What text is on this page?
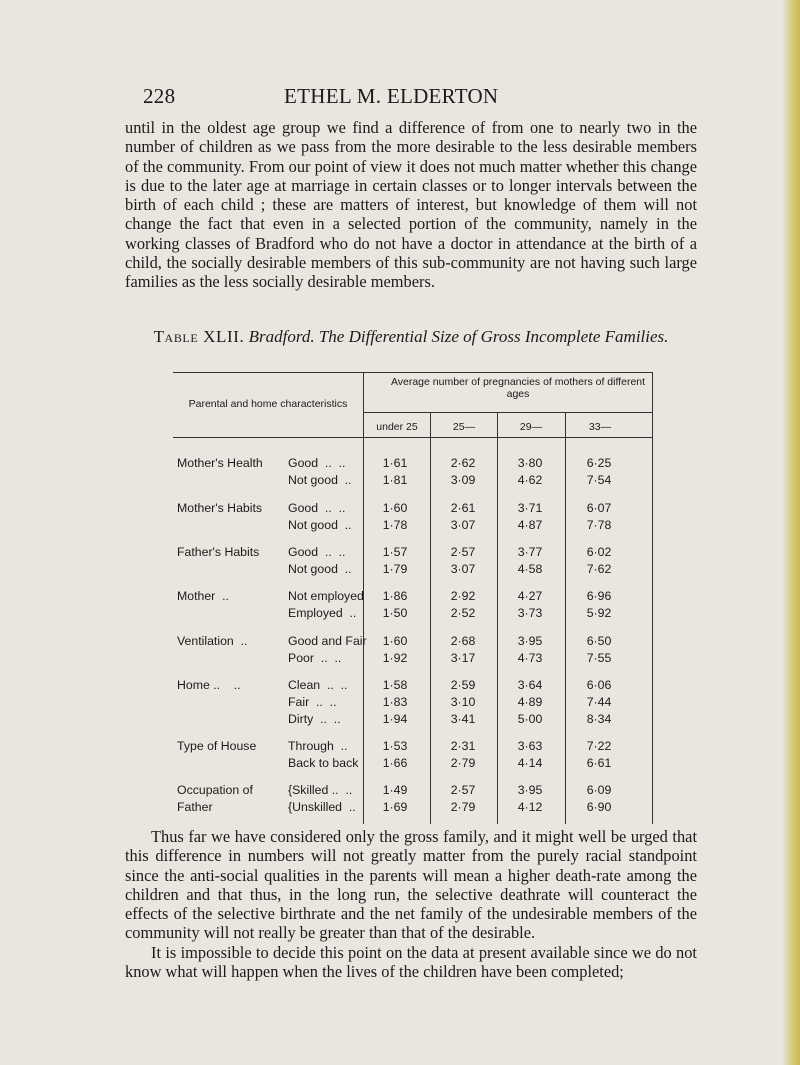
228	ETHEL M. ELDERTON

until in the oldest age group we find a difference of from one to nearly two in the number of children as we pass from the more desirable to the less desirable members of the community. From our point of view it does not much matter whether this change is due to the later age at marriage in certain classes or to longer intervals between the birth of each child ; these are matters of interest, but knowledge of them will not change the fact that even in a selected portion of the community, namely in the working classes of Bradford who do not have a doctor in attendance at the birth of a child, the socially desirable members of this sub-community are not having such large families as the less socially desirable members.

Table XLII. Bradford. The Differential Size of Gross Incomplete Families.
Parental and home characteristics
Average number of pregnancies of mothers of different ages
under 25	25—	29—	33—
Mother's Health Good  ..  ..	1·61	2·62	3·80	6·25
Not good  ..	1·81	3·09	4·62	7·54
Mother's Habits Good  ..  ..	1·60	2·61	3·71	6·07
Not good  ..	1·78	3·07	4·87	7·78
Father's Habits Good  ..  ..	1·57	2·57	3·77	6·02
Not good  ..	1·79	3·07	4·58	7·62
Mother  ..	Not employed	1·86	2·92	4·27	6·96
Employed  ..	1·50	2·52	3·73	5·92
Ventilation  ..	Good and Fair	1·60	2·68	3·95	6·50
Poor  ..  ..	1·92	3·17	4·73	7·55
Home ..    ..	Clean  ..  ..	1·58	2·59	3·64	6·06
Fair  ..  ..	1·83	3·10	4·89	7·44
Dirty  ..  ..	1·94	3·41	5·00	8·34
Type of House	Through  ..	1·53	2·31	3·63	7·22
Back to back	1·66	2·79	4·14	6·61
Occupation of	{Skilled ..  ..	1·49	2·57	3·95	6·09
Father	{Unskilled  ..	1·69	2·79	4·12	6·90

Thus far we have considered only the gross family, and it might well be urged that this difference in numbers will not greatly matter from the purely racial standpoint since the anti-social qualities in the parents will mean a higher death-rate among the children and that thus, in the long run, the selective deathrate will counteract the effects of the selective birthrate and the net family of the undesirable members of the community will not really be greater than that of the desirable.

It is impossible to decide this point on the data at present available since we do not know what will happen when the lives of the children have been completed;
